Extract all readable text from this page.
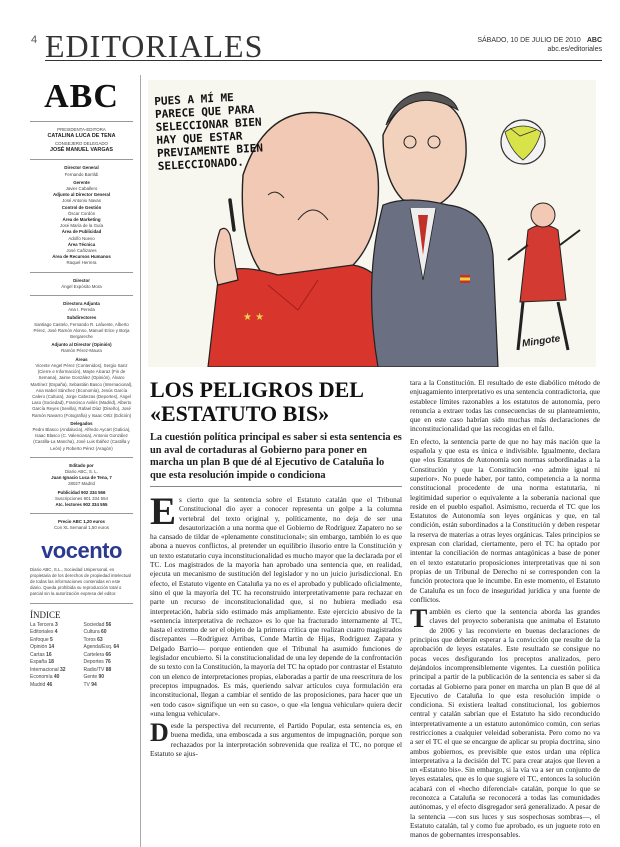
4 EDITORIALES	SÁBADO, 10 DE JULIO DE 2010 ABC
abc.es/editoriales
ABC
PRESIDENTA-EDITORA
CATALINA LUCA DE TENA
CONSEJERO DELEGADO
JOSÉ MANUEL VARGAS
Director General
Fernando Barrildi
Gerente
Javier Caballero
Adjunto al Director General
José Antonio Navas
Control de Gestión
Óscar Cordón
Área de Marketing
José María de la Guía
Área de Publicidad
Adolfo Nuevo
Área Técnica
José Cañizares
Área de Recursos Humanos
Raquel Herrera
Director
Ángel Expósito Mora
Directora Adjunta
Ana I. Pereda
Subdirectores
Santiago Castelo, Fernando R. Lafuente, Alberto Pérez, José Ramón Alonso, Manuel Erice y Borja Bergareche
Adjunto al Director (Opinión)
Ramón Pérez-Maura
Áreas
Vicente Angel Pérez (Contenidos), Sergio Sanz (Cierre e Información), Mayte Alcaraz (Fin de Semana), Jaime González (Opinión), Álvaro Martínez (España), Sebastián Basco (Internacional), Ana Isabel Sánchez (Economía), Jesús García Calero (Cultura), Jorge Cabezas (Deportes), Ángel Laso (Sociedad), Francisco Avilés (Madrid), Alberto García Reyes (Sevilla), Rafael Díaz (Diseño), José Ramón Navarro (Fotografía) y Isaac Ortiz (Edición)
Delegados
Pedro Blasco (Andalucía), Alfredo Aycart (Galicia), Isaac Blasco (C. Valenciana), Antonio González (Castilla-La Mancha), José Luis Ibáñez (Castilla y León) y Roberto Pérez (Aragón)
Editado por
Diario ABC, S. L.
Juan Ignacio Luca de Tena, 7
28027 Madrid
Publicidad 902 334 556
Suscripciones 901 334 554
Atc. lectores 902 334 555
Precio ABC 1,20 euros
Con XL Semanal 1,50 euros
vocento
Diario ABC, S.L., Sociedad Unipersonal, es propietaria de los derechos de propiedad intelectual de todas las informaciones contenidas en este diario. Queda prohibida su reproducción total o parcial sin la autorización expresa del editor.
ÍNDICE
La Tercera 3	Sociedad 56
Editoriales 4	Cultura 60
Enfoque 5	Toros 63
Opinión 14	Agenda/Esq. 64
Cartas 16	Cartelera 66
España 18	Deportes 76
Internacional 32	Radio/TV 88
Economía 40	Gente 90
Madrid 46	TV 94
★ ★
PUES A MÍ ME PARECE QUE PARA SELECCIONAR BIEN HAY QUE ESTAR PREVIAMENTE BIEN SELECCIONADO.
Mingote
LOS PELIGROS DEL «ESTATUTO BIS»
La cuestión política principal es saber si esta sentencia es un aval de cortaduras al Gobierno para poner en marcha un plan B que dé al Ejecutivo de Cataluña lo que esta resolución impide o condiciona

Es cierto que la sentencia sobre el Estatuto catalán que el Tribunal Constitucional dio ayer a conocer representa un golpe a la columna vertebral del texto original y, políticamente, no deja de ser una desautorización a una norma que el Gobierno de Rodríguez Zapatero no se ha cansado de tildar de «plenamente constitucional»; sin embargo, también lo es que abona a nuevos conflictos, al pretender un equilibrio ilusorio entre la Constitución y un texto estatutario cuya inconstitucionalidad es mucho mayor que la declarada por el TC. Los magistrados de la mayoría han aprobado una sentencia que, en realidad, ejecuta un mecanismo de sustitución del legislador y no un juicio jurisdiccional. En efecto, el Estatuto vigente en Cataluña ya no es el aprobado y publicado oficialmente, sino el que la mayoría del TC ha reconstruido interpretativamente para rechazar en parte un recurso de inconstitucionalidad que, si no hubiera mediado esa interpretación, habría sido estimado más ampliamente. Este ejercicio abusivo de la «sentencia interpretativa de rechazo» es lo que ha fracturado internamente al TC, hasta el extremo de ser el objeto de la primera crítica que realizan cuatro magistrados discrepantes —Rodríguez Arribas, Conde Martín de Hijas, Rodríguez Zapata y Delgado Barrio— porque entienden que el Tribunal ha asumido funciones de legislador encubierto. Si la constitucionalidad de una ley depende de la confrontación de su texto con la Constitución, la mayoría del TC ha optado por contrastar el Estatuto con un elenco de interpretaciones propias, elaboradas a partir de una reescritura de los preceptos impugnados. Es más, queriendo salvar artículos cuya formulación era inconstitucional, llegan a cambiar el sentido de las proposiciones, para hacer que un «en todo caso» signifique un «en su caso», o que «la lengua vehicular» quiera decir «una lengua vehicular».

Desde la perspectiva del recurrente, el Partido Popular, esta sentencia es, en buena medida, una emboscada a sus argumentos de impugnación, porque son rechazados por la interpretación sobrevenida que realiza el TC, no porque el Estatuto se ajus-

tara a la Constitución. El resultado de este diabólico método de enjuagamiento interpretativo es una sentencia contradictoria, que establece límites razonables a los estatutos de autonomía, pero renuncia a extraer todas las consecuencias de su planteamiento, que en este caso habrían sido muchas más declaraciones de inconstitucionalidad que las recogidas en el fallo.

En efecto, la sentencia parte de que no hay más nación que la española y que esta es única e indivisible. Igualmente, declara que «los Estatutos de Autonomía son normas subordinadas a la Constitución y que la Constitución «no admite igual ni superior». No puede haber, por tanto, competencia a la norma constitucional procedente de una norma estatutaria, ni legitimidad superior o equivalente a la soberanía nacional que reside en el pueblo español. Asimismo, recuerda el TC que los Estatutos de Autonomía son leyes orgánicas y que, en tal condición, están subordinados a la Constitución y deben respetar la reserva de materias a otras leyes orgánicas. Tales principios se expresan con claridad, ciertamente, pero el TC ha optado por intentar la conciliación de normas antagónicas a base de poner en el texto estatutario proposiciones interpretativas que ni son propias de un Tribunal de Derecho ni se corresponden con la función protectora que le incumbe. En este momento, el Estatuto de Cataluña es un foco de inseguridad jurídica y una fuente de conflictos.

También es cierto que la sentencia aborda las grandes claves del proyecto soberanista que animaba el Estatuto de 2006 y las reconvierte en buenas declaraciones de principios que deberán esperar a la convicción que resulte de la aprobación de leyes estatales. Este resultado se consigue no pocas veces desfigurando los preceptos analizados, pero dejándolos incomprensiblemente vigentes. La cuestión política principal a partir de la publicación de la sentencia es saber si da cortadas al Gobierno para poner en marcha un plan B que dé al Ejecutivo de Cataluña lo que esta resolución impide o condiciona. Si existiera lealtad constitucional, los gobiernos central y catalán sabrían que el Estatuto ha sido reconducido interpretativamente a un estatuto autonómico común, con serias restricciones a cualquier veleidad soberanista. Pero como no va a ser el TC el que se encargue de aplicar su propia doctrina, sino ambos gobiernos, es previsible que estos urdan una réplica interpretativa a la decisión del TC para crear atajos que lleven a un «Estatuto bis». Sin embargo, si la vía va a ser un conjunto de leyes estatales, que es lo que sugiere el TC, entonces la solución acabará con el «hecho diferencial» catalán, porque lo que se reconozca a Cataluña se reconocerá a todas las comunidades autónomas, y el efecto disgregador será generalizado. A pesar de la sentencia —con sus luces y sus sospechosas sombras—, el Estatuto catalán, tal y como fue aprobado, es un juguete roto en manos de gobernantes irresponsables.
